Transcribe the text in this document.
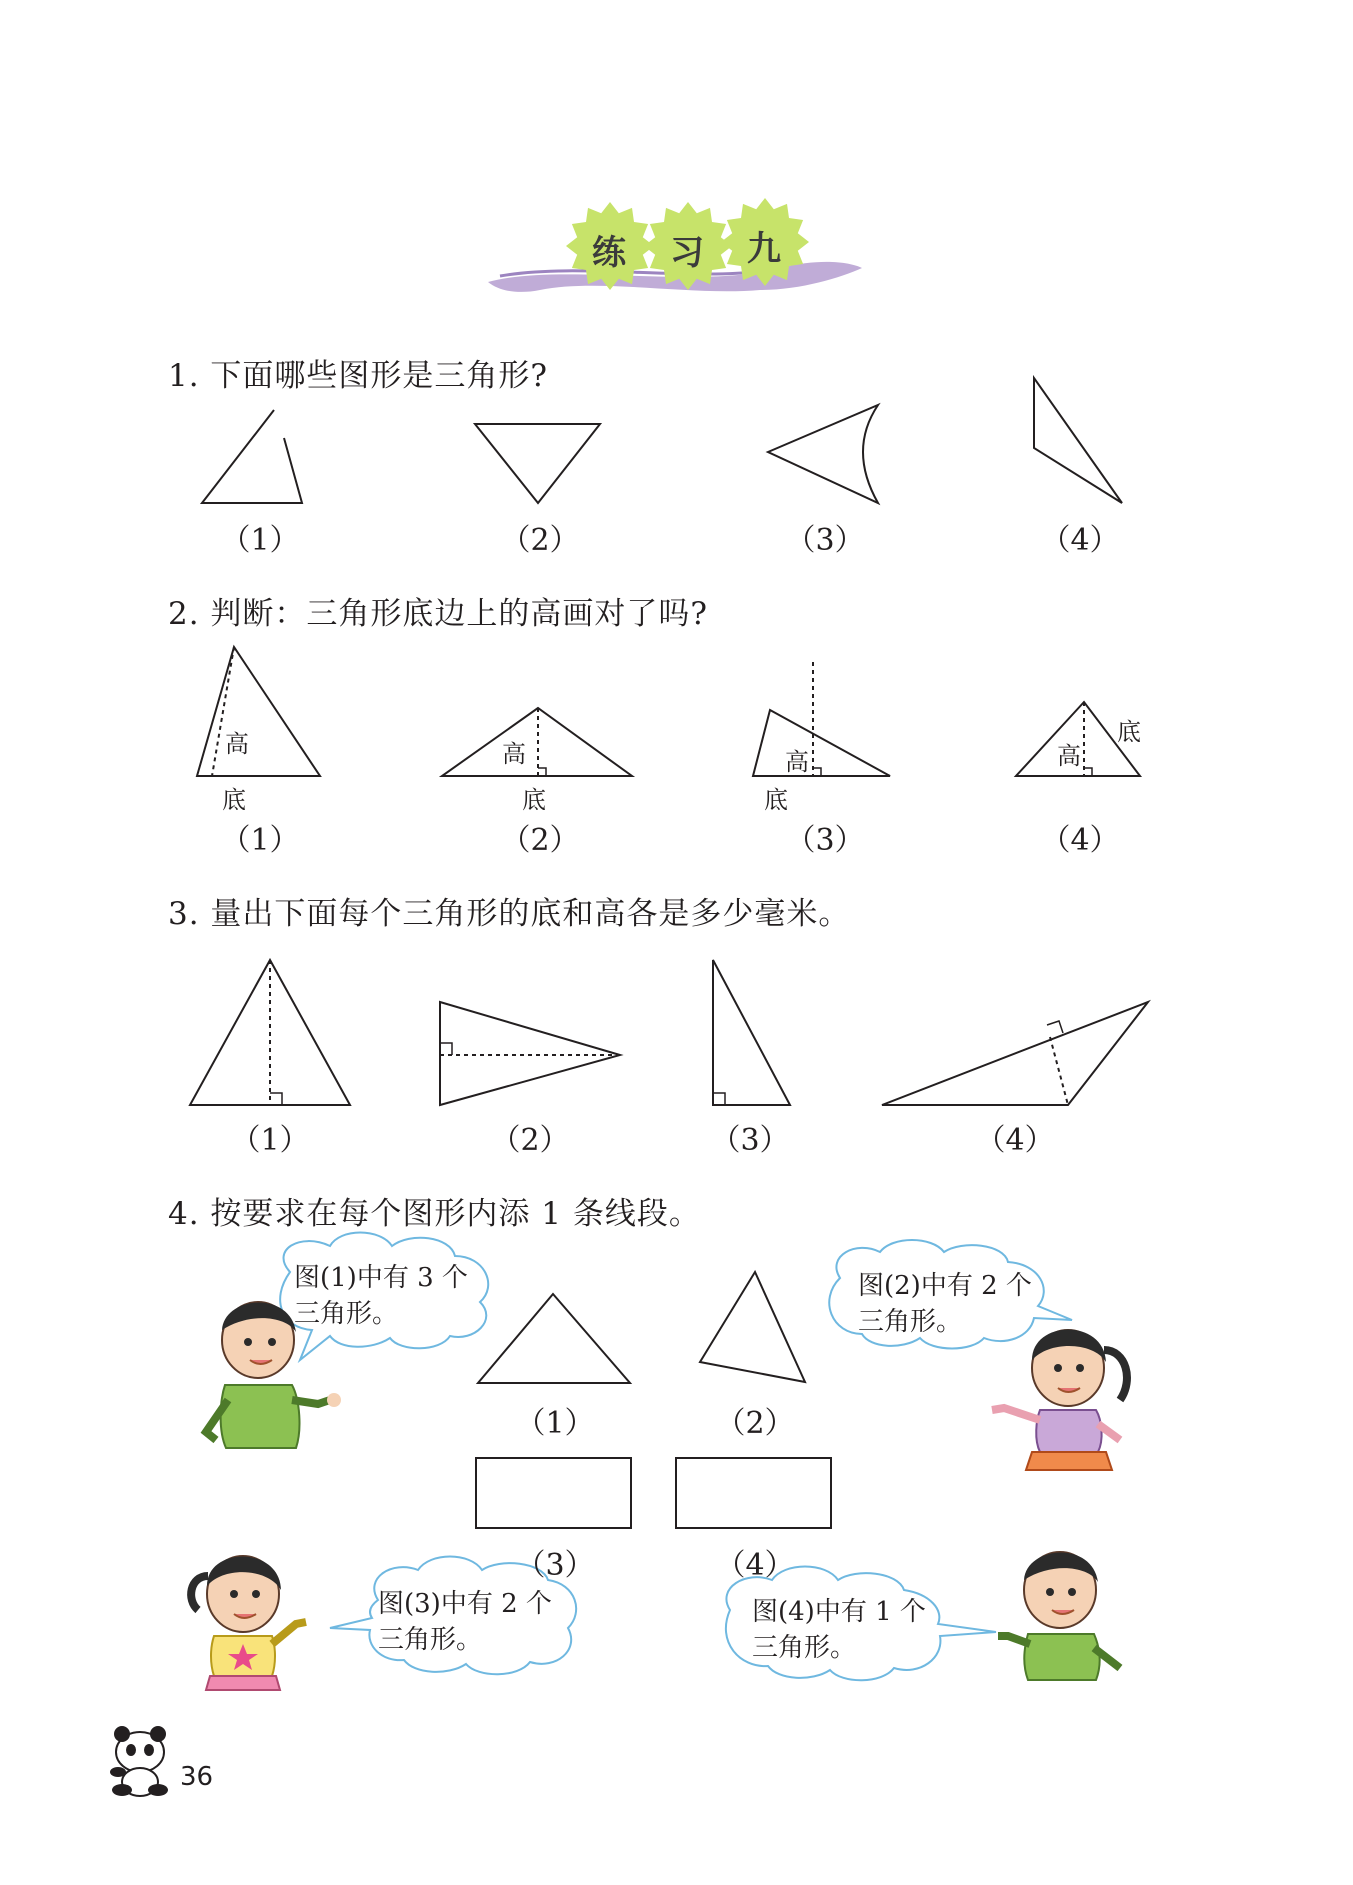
练 习 九
1. 下面哪些图形是三角形?
（1）	（2）	（3）	（4）
2. 判断：三角形底边上的高画对了吗?
高
底
高
底
高
底
高
底
（1）	（2）	（3）	（4）
3. 量出下面每个三角形的底和高各是多少毫米。
（1）	（2）	（3）	（4）
4. 按要求在每个图形内添 1 条线段。
（1）	（2）
（3）	（4）
图(1)中有 3 个
三角形。
图(2)中有 2 个
三角形。
图(3)中有 2 个
三角形。
图(4)中有 1 个
三角形。
36
